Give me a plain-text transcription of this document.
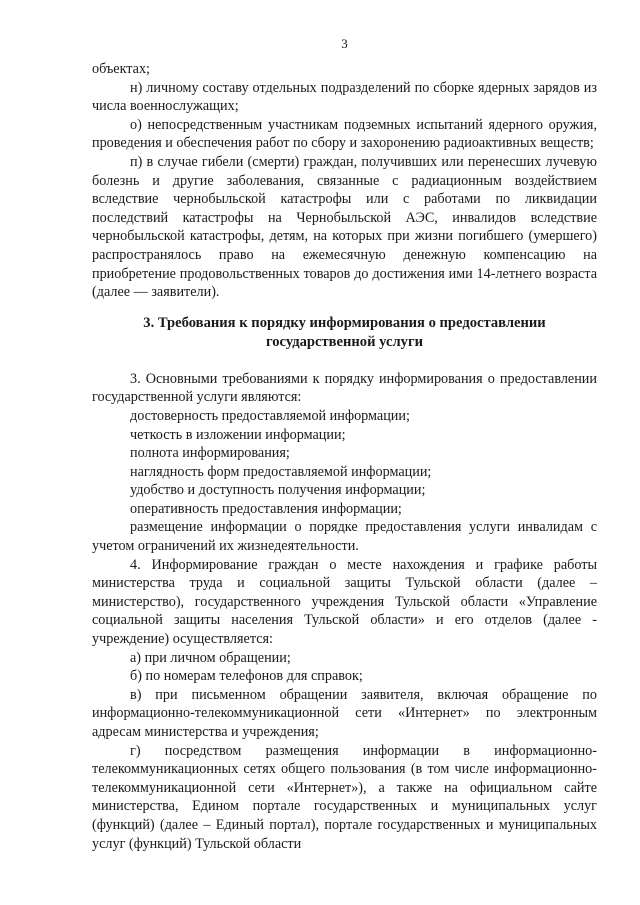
3

объектах;

н) личному составу отдельных подразделений по сборке ядерных зарядов из числа военнослужащих;

о) непосредственным участникам подземных испытаний ядерного оружия, проведения и обеспечения работ по сбору и захоронению радиоактивных веществ;

п) в случае гибели (смерти) граждан, получивших или перенесших лучевую болезнь и другие заболевания, связанные с радиационным воздействием вследствие чернобыльской катастрофы или с работами по ликвидации последствий катастрофы на Чернобыльской АЭС, инвалидов вследствие чернобыльской катастрофы, детям, на которых при жизни погибшего (умершего) распространялось право на ежемесячную денежную компенсацию на приобретение продовольственных товаров до достижения ими 14-летнего возраста (далее — заявители).

3. Требования к порядку информирования о предоставлении
государственной услуги

3. Основными требованиями к порядку информирования о предоставлении государственной услуги являются:

достоверность предоставляемой информации;

четкость в изложении информации;

полнота информирования;

наглядность форм предоставляемой информации;

удобство и доступность получения информации;

оперативность предоставления информации;

размещение информации о порядке предоставления услуги инвалидам с учетом ограничений их жизнедеятельности.

4. Информирование граждан о месте нахождения и графике работы министерства труда и социальной защиты Тульской области (далее – министерство), государственного учреждения Тульской области «Управление социальной защиты населения Тульской области» и его отделов (далее - учреждение) осуществляется:

а) при личном обращении;

б) по номерам телефонов для справок;

в) при письменном обращении заявителя, включая обращение по информационно-телекоммуникационной сети «Интернет» по электронным адресам министерства и учреждения;

г) посредством размещения информации в информационно-телекоммуникационных сетях общего пользования (в том числе информационно-телекоммуникационной сети «Интернет»), а также на официальном сайте министерства, Едином портале государственных и муниципальных услуг (функций) (далее – Единый портал), портале государственных и муниципальных услуг (функций) Тульской области
